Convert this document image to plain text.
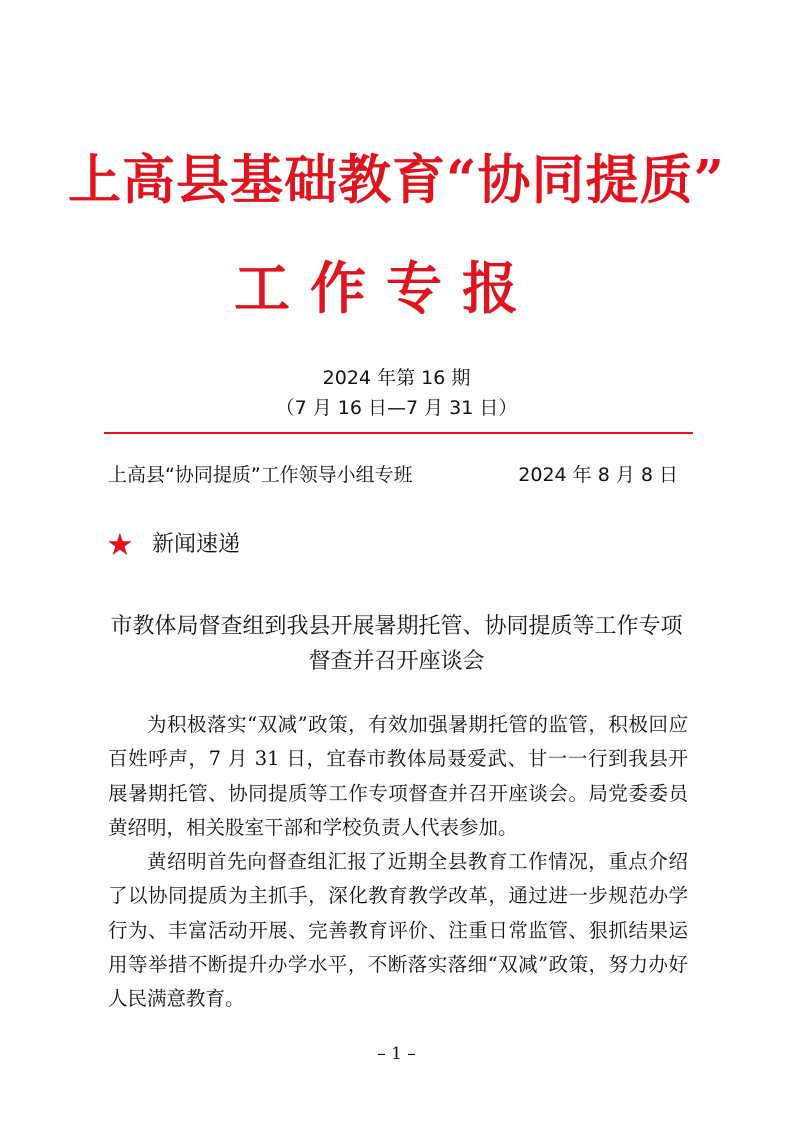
上高县基础教育“协同提质”
工作专报
2024 年第 16 期
（7 月 16 日—7 月 31 日）
上高县“协同提质”工作领导小组专班	2024 年 8 月 8 日
★ 新闻速递
市教体局督查组到我县开展暑期托管、协同提质等工作专项督查并召开座谈会

为积极落实“双减”政策，有效加强暑期托管的监管，积极回应百姓呼声，7 月 31 日，宜春市教体局聂爱武、甘一一行到我县开展暑期托管、协同提质等工作专项督查并召开座谈会。局党委委员黄绍明，相关股室干部和学校负责人代表参加。

黄绍明首先向督查组汇报了近期全县教育工作情况，重点介绍了以协同提质为主抓手，深化教育教学改革，通过进一步规范办学行为、丰富活动开展、完善教育评价、注重日常监管、狠抓结果运用等举措不断提升办学水平，不断落实落细“双减”政策，努力办好人民满意教育。

– 1 –
